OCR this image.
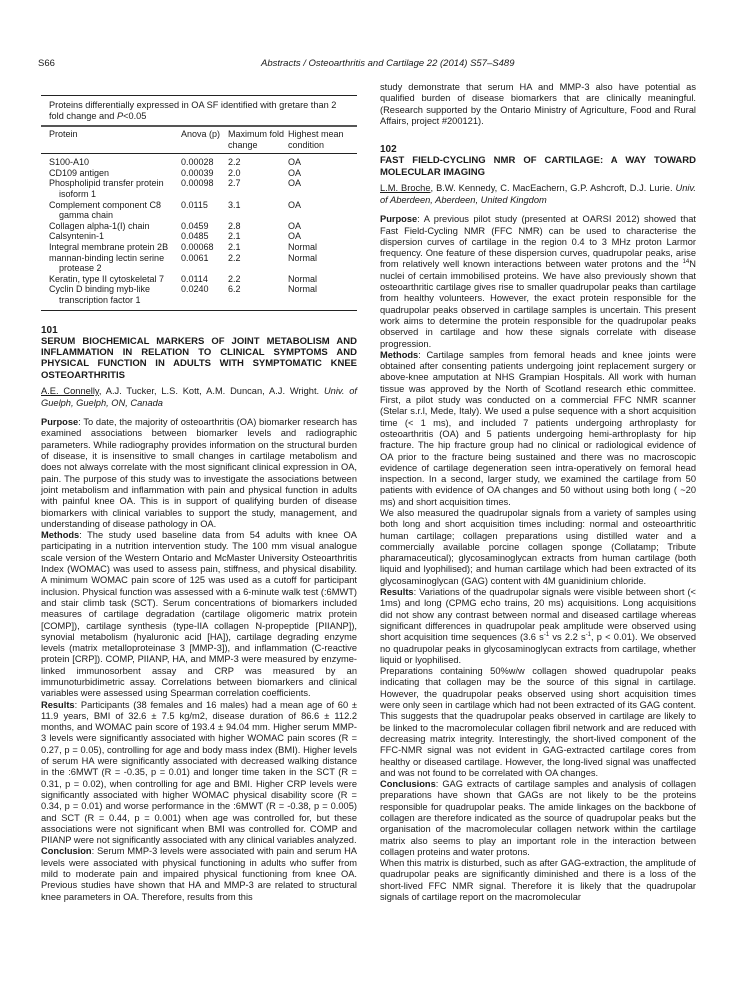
S66	Abstracts / Osteoarthritis and Cartilage 22 (2014) S57–S489
Proteins differentially expressed in OA SF identified with gretare than 2 fold change and P<0.05
Protein	Anova (p)	Maximum fold change	Highest mean condition

S100-A10	0.00028	2.2	OA

CD109 antigen	0.00039	2.0	OA

Phospholipid transfer protein isoform 1	0.00098	2.7	OA

Complement component C8 gamma chain	0.0115	3.1	OA

Collagen alpha-1(I) chain	0.0459	2.8	OA

Calsyntenin-1	0.0485	2.1	OA

Integral membrane protein 2B	0.00068	2.1	Normal

mannan-binding lectin serine protease 2	0.0061	2.2	Normal

Keratin, type II cytoskeletal 7	0.0114	2.2	Normal

Cyclin D binding myb-like transcription factor 1	0.0240	6.2	Normal
101
SERUM BIOCHEMICAL MARKERS OF JOINT METABOLISM AND INFLAMMATION IN RELATION TO CLINICAL SYMPTOMS AND PHYSICAL FUNCTION IN ADULTS WITH SYMPTOMATIC KNEE OSTEOARTHRITIS
A.E. Connelly, A.J. Tucker, L.S. Kott, A.M. Duncan, A.J. Wright. Univ. of Guelph, Guelph, ON, Canada

Purpose: To date, the majority of osteoarthritis (OA) biomarker research has examined associations between biomarker levels and radiographic parameters. While radiography provides information on the structural burden of disease, it is insensitive to small changes in cartilage metabolism and does not always correlate with the most significant clinical expression in OA, pain. The purpose of this study was to investigate the associations between joint metabolism and inflammation with pain and physical function in adults with painful knee OA. This is in support of qualifying burden of disease biomarkers with clinical variables to support the study, management, and understanding of disease pathology in OA.

Methods: The study used baseline data from 54 adults with knee OA participating in a nutrition intervention study. The 100 mm visual analogue scale version of the Western Ontario and McMaster University Osteoarthritis Index (WOMAC) was used to assess pain, stiffness, and physical disability. A minimum WOMAC pain score of 125 was used as a cutoff for participant inclusion. Physical function was assessed with a 6-minute walk test (:6MWT) and stair climb task (SCT). Serum concentrations of biomarkers included measures of cartilage degradation (cartilage oligomeric matrix protein [COMP]), cartilage synthesis (type-IIA collagen N-propeptide [PIIANP]), synovial metabolism (hyaluronic acid [HA]), cartilage degrading enzyme levels (matrix metalloproteinase 3 [MMP-3]), and inflammation (C-reactive protein [CRP]). COMP, PIIANP, HA, and MMP-3 were measured by enzyme-linked immunosorbent assay and CRP was measured by an immunoturbidimetric assay. Correlations between biomarkers and clinical variables were assessed using Spearman correlation coefficients.

Results: Participants (38 females and 16 males) had a mean age of 60 ± 11.9 years, BMI of 32.6 ± 7.5 kg/m2, disease duration of 86.6 ± 112.2 months, and WOMAC pain score of 193.4 ± 94.04 mm. Higher serum MMP-3 levels were significantly associated with higher WOMAC pain scores (R = 0.27, p = 0.05), controlling for age and body mass index (BMI). Higher levels of serum HA were significantly associated with decreased walking distance in the :6MWT (R = -0.35, p = 0.01) and longer time taken in the SCT (R = 0.31, p = 0.02), when controlling for age and BMI. Higher CRP levels were significantly associated with higher WOMAC physical disability score (R = 0.34, p = 0.01) and worse performance in the :6MWT (R = -0.38, p = 0.005) and SCT (R = 0.44, p = 0.001) when age was controlled for, but these associations were not significant when BMI was controlled for. COMP and PIIANP were not significantly associated with any clinical variables analyzed.

Conclusion: Serum MMP-3 levels were associated with pain and serum HA levels were associated with physical functioning in adults who suffer from mild to moderate pain and impaired physical functioning from knee OA. Previous studies have shown that HA and MMP-3 are related to structural knee parameters in OA. Therefore, results from this

study demonstrate that serum HA and MMP-3 also have potential as qualified burden of disease biomarkers that are clinically meaningful. (Research supported by the Ontario Ministry of Agriculture, Food and Rural Affairs, project #200121).

102
FAST FIELD-CYCLING NMR OF CARTILAGE: A WAY TOWARD MOLECULAR IMAGING
L.M. Broche, B.W. Kennedy, C. MacEachern, G.P. Ashcroft, D.J. Lurie. Univ. of Aberdeen, Aberdeen, United Kingdom

Purpose: A previous pilot study (presented at OARSI 2012) showed that Fast Field-Cycling NMR (FFC NMR) can be used to characterise the dispersion curves of cartilage in the region 0.4 to 3 MHz proton Larmor frequency. One feature of these dispersion curves, quadrupolar peaks, arise from relatively well known interactions between water protons and the $^{14}$N nuclei of certain immobilised proteins. We have also previously shown that osteoarthritic cartilage gives rise to smaller quadrupolar peaks than cartilage from healthy volunteers. However, the exact protein responsible for the quadrupolar peaks observed in cartilage samples is uncertain. This present work aims to determine the protein responsible for the quadrupolar peaks observed in cartilage and how these signals correlate with disease progression.

Methods: Cartilage samples from femoral heads and knee joints were obtained after consenting patients undergoing joint replacement surgery or above-knee amputation at NHS Grampian Hospitals. All work with human tissue was approved by the North of Scotland research ethic committee. First, a pilot study was conducted on a commercial FFC NMR scanner (Stelar s.r.l, Mede, Italy). We used a pulse sequence with a short acquisition time (< 1 ms), and included 7 patients undergoing arthroplasty for osteoarthritis (OA) and 5 patients undergoing hemi-arthroplasty for hip fracture. The hip fracture group had no clinical or radiological evidence of OA prior to the fracture being sustained and there was no macroscopic evidence of cartilage degeneration seen intra-operatively on femoral head inspection. In a second, larger study, we examined the cartilage from 50 patients with evidence of OA changes and 50 without using both long ( ~20 ms) and short acquisition times.

We also measured the quadrupolar signals from a variety of samples using both long and short acquisition times including: normal and osteoarthritic human cartilage; collagen preparations using distilled water and a commercially available porcine collagen sponge (Collatamp; Tribute pharamaceutical); glycosaminoglycan extracts from human cartilage (both liquid and lyophilised); and human cartilage which had been extracted of its glycosaminoglycan (GAG) content with 4M guanidinium chloride.

Results: Variations of the quadrupolar signals were visible between short (< 1ms) and long (CPMG echo trains, 20 ms) acquisitions. Long acquisitions did not show any contrast between normal and diseased cartilage whereas significant differences in quadrupolar peak amplitude were observed using short acquisition time sequences (3.6 $s^{-1}$ vs 2.2 $s^{-1}$, p < 0.01). We observed no quadrupolar peaks in glycosaminoglycan extracts from cartilage, whether liquid or lyophilised.

Preparations containing 50%w/w collagen showed quadrupolar peaks indicating that collagen may be the source of this signal in cartilage. However, the quadrupolar peaks observed using short acquisition times were only seen in cartilage which had not been extracted of its GAG content. This suggests that the quadrupolar peaks observed in cartilage are likely to be linked to the macromolecular collagen fibril network and are reduced with decreasing matrix integrity. Interestingly, the short-lived component of the FFC-NMR signal was not evident in GAG-extracted cartilage cores from healthy or diseased cartilage. However, the long-lived signal was unaffected and was not found to be correlated with OA changes.

Conclusions: GAG extracts of cartilage samples and analysis of collagen preparations have shown that GAGs are not likely to be the proteins responsible for quadrupolar peaks. The amide linkages on the backbone of collagen are therefore indicated as the source of quadrupolar peaks but the organisation of the macromolecular collagen network within the cartilage matrix also seems to play an important role in the interaction between collagen proteins and water protons.

When this matrix is disturbed, such as after GAG-extraction, the amplitude of quadrupolar peaks are significantly diminished and there is a loss of the short-lived FFC NMR signal. Therefore it is likely that the quadrupolar signals of cartilage report on the macromolecular
